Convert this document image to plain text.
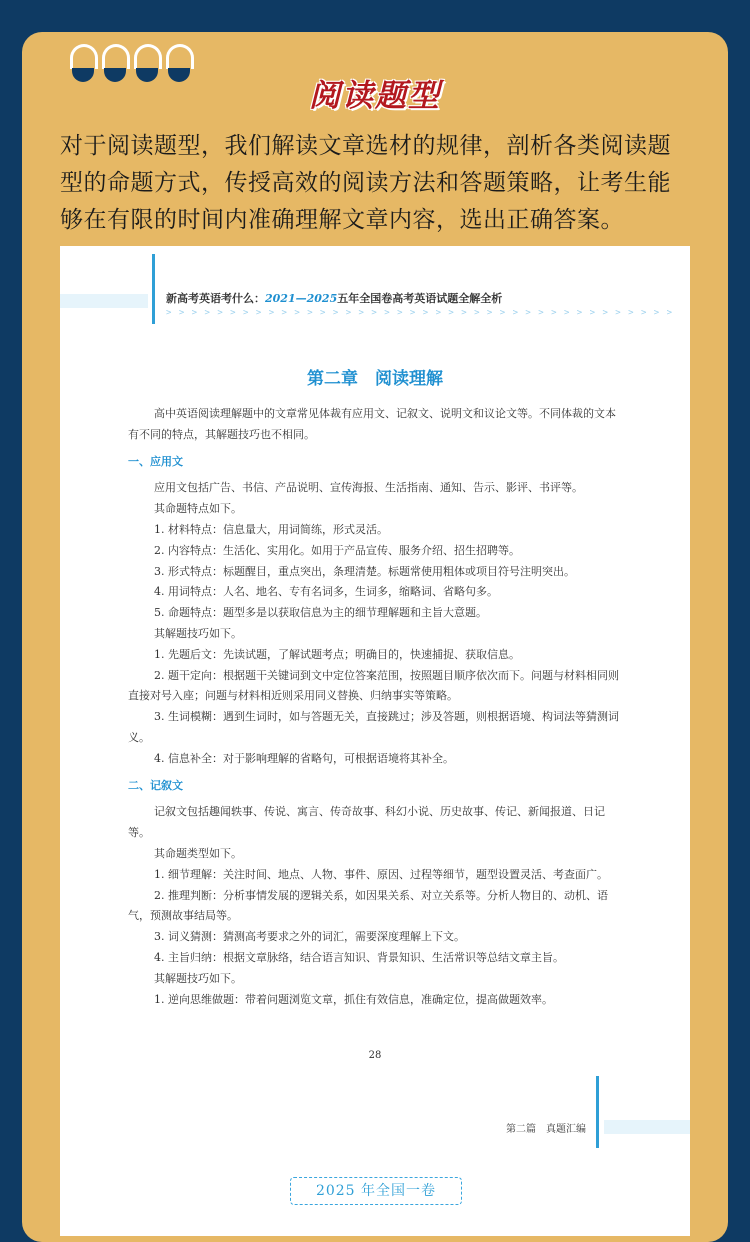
阅读题型
对于阅读题型，我们解读文章选材的规律，剖析各类阅读题型的命题方式，传授高效的阅读方法和答题策略，让考生能够在有限的时间内准确理解文章内容，选出正确答案。
新高考英语考什么：2021—2025五年全国卷高考英语试题全解全析
> > > > > > > > > > > > > > > > > > > > > > > > > > > > > > > > > > > > > > > >
第二章　阅读理解

高中英语阅读理解题中的文章常见体裁有应用文、记叙文、说明文和议论文等。不同体裁的文本有不同的特点，其解题技巧也不相同。

一、应用文

应用文包括广告、书信、产品说明、宣传海报、生活指南、通知、告示、影评、书评等。

其命题特点如下。

1. 材料特点：信息量大，用词简练，形式灵活。

2. 内容特点：生活化、实用化。如用于产品宣传、服务介绍、招生招聘等。

3. 形式特点：标题醒目，重点突出，条理清楚。标题常使用粗体或项目符号注明突出。

4. 用词特点：人名、地名、专有名词多，生词多，缩略词、省略句多。

5. 命题特点：题型多是以获取信息为主的细节理解题和主旨大意题。

其解题技巧如下。

1. 先题后文：先读试题，了解试题考点；明确目的，快速捕捉、获取信息。

2. 题干定向：根据题干关键词到文中定位答案范围，按照题目顺序依次而下。问题与材料相同则直接对号入座；问题与材料相近则采用同义替换、归纳事实等策略。

3. 生词模糊：遇到生词时，如与答题无关，直接跳过；涉及答题，则根据语境、构词法等猜测词义。

4. 信息补全：对于影响理解的省略句，可根据语境将其补全。

二、记叙文

记叙文包括趣闻轶事、传说、寓言、传奇故事、科幻小说、历史故事、传记、新闻报道、日记等。

其命题类型如下。

1. 细节理解：关注时间、地点、人物、事件、原因、过程等细节，题型设置灵活、考查面广。

2. 推理判断：分析事情发展的逻辑关系，如因果关系、对立关系等。分析人物目的、动机、语气，预测故事结局等。

3. 词义猜测：猜测高考要求之外的词汇，需要深度理解上下文。

4. 主旨归纳：根据文章脉络，结合语言知识、背景知识、生活常识等总结文章主旨。

其解题技巧如下。

1. 逆向思维做题：带着问题浏览文章，抓住有效信息，准确定位，提高做题效率。

28
第二篇　真题汇编
2025 年全国一卷
